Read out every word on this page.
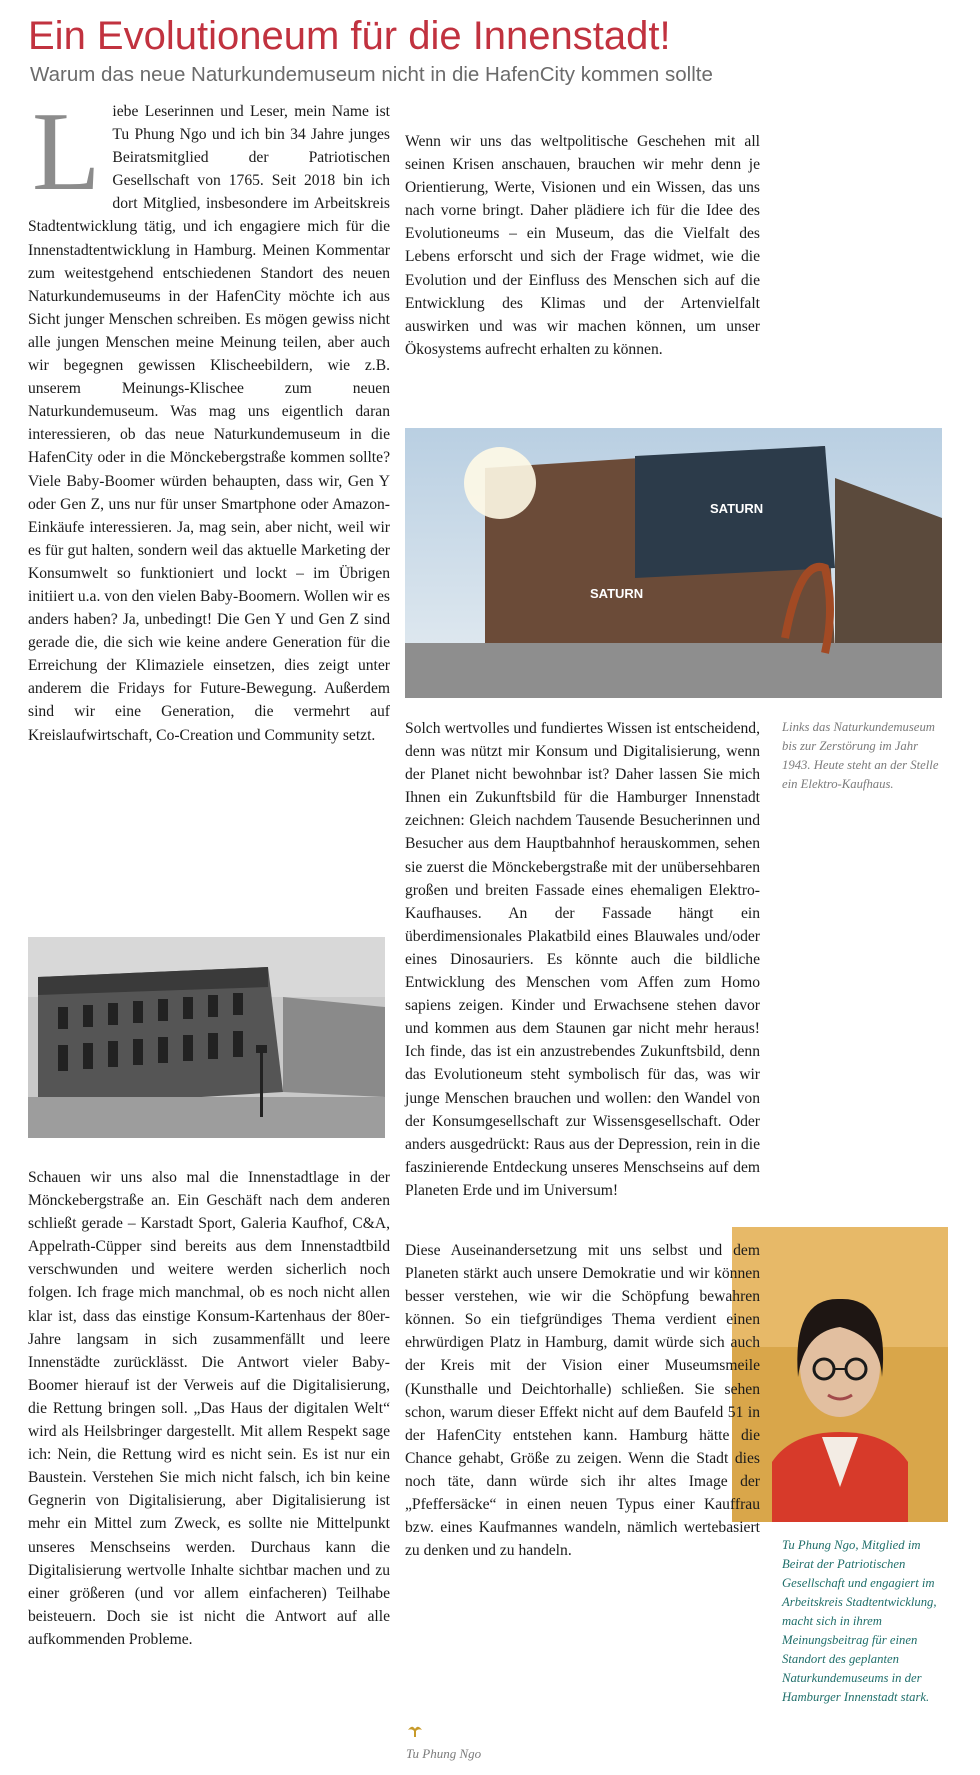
Ein Evolutioneum für die Innenstadt!
Warum das neue Naturkundemuseum nicht in die HafenCity kommen sollte
L iebe Leserinnen und Leser, mein Name ist Tu Phung Ngo und ich bin 34 Jahre junges Beiratsmitglied der Patriotischen Gesellschaft von 1765. Seit 2018 bin ich dort Mitglied, insbesondere im Arbeitskreis Stadtentwicklung tätig, und ich engagiere mich für die Innenstadtentwicklung in Hamburg. Meinen Kommentar zum weitestgehend entschiedenen Standort des neuen Naturkundemuseums in der HafenCity möchte ich aus Sicht junger Menschen schreiben. Es mögen gewiss nicht alle jungen Menschen meine Meinung teilen, aber auch wir begegnen gewissen Klischeebildern, wie z.B. unserem Meinungs-Klischee zum neuen Naturkundemuseum. Was mag uns eigentlich daran interessieren, ob das neue Naturkundemuseum in die HafenCity oder in die Mönckebergstraße kommen sollte? Viele Baby-Boomer würden behaupten, dass wir, Gen Y oder Gen Z, uns nur für unser Smartphone oder Amazon-Einkäufe interessieren. Ja, mag sein, aber nicht, weil wir es für gut halten, sondern weil das aktuelle Marketing der Konsumwelt so funktioniert und lockt – im Übrigen initiiert u.a. von den vielen Baby-Boomern. Wollen wir es anders haben? Ja, unbedingt! Die Gen Y und Gen Z sind gerade die, die sich wie keine andere Generation für die Erreichung der Klimaziele einsetzen, dies zeigt unter anderem die Fridays for Future-Bewegung. Außerdem sind wir eine Generation, die vermehrt auf Kreislaufwirtschaft, Co-Creation und Community setzt.

Schauen wir uns also mal die Innenstadtlage in der Mönckebergstraße an. Ein Geschäft nach dem anderen schließt gerade – Karstadt Sport, Galeria Kaufhof, C&A, Appelrath-Cüpper sind bereits aus dem Innenstadtbild verschwunden und weitere werden sicherlich noch folgen. Ich frage mich manchmal, ob es noch nicht allen klar ist, dass das einstige Konsum-Kartenhaus der 80er-Jahre langsam in sich zusammenfällt und leere Innenstädte zurücklässt. Die Antwort vieler Baby-Boomer hierauf ist der Verweis auf die Digitalisierung, die Rettung bringen soll. „Das Haus der digitalen Welt“ wird als Heilsbringer dargestellt. Mit allem Respekt sage ich: Nein, die Rettung wird es nicht sein. Es ist nur ein Baustein. Verstehen Sie mich nicht falsch, ich bin keine Gegnerin von Digitalisierung, aber Digitalisierung ist mehr ein Mittel zum Zweck, es sollte nie Mittelpunkt unseres Menschseins werden. Durchaus kann die Digitalisierung wertvolle Inhalte sichtbar machen und zu einer größeren (und vor allem einfacheren) Teilhabe beisteuern. Doch sie ist nicht die Antwort auf alle aufkommenden Probleme.

Wenn wir uns das weltpolitische Geschehen mit all seinen Krisen anschauen, brauchen wir mehr denn je Orientierung, Werte, Visionen und ein Wissen, das uns nach vorne bringt. Daher plädiere ich für die Idee des Evolutioneums – ein Museum, das die Vielfalt des Lebens erforscht und sich der Frage widmet, wie die Evolution und der Einfluss des Menschen sich auf die Entwicklung des Klimas und der Artenvielfalt auswirken und was wir machen können, um unser Ökosystems aufrecht erhalten zu können.

SATURN
SATURN
Links das Naturkundemuseum bis zur Zerstörung im Jahr 1943. Heute steht an der Stelle ein Elektro-Kaufhaus.

Solch wertvolles und fundiertes Wissen ist entscheidend, denn was nützt mir Konsum und Digitalisierung, wenn der Planet nicht bewohnbar ist? Daher lassen Sie mich Ihnen ein Zukunftsbild für die Hamburger Innenstadt zeichnen: Gleich nachdem Tausende Besucherinnen und Besucher aus dem Hauptbahnhof herauskommen, sehen sie zuerst die Mönckebergstraße mit der unübersehbaren großen und breiten Fassade eines ehemaligen Elektro-Kaufhauses. An der Fassade hängt ein überdimensionales Plakatbild eines Blauwales und/oder eines Dinosauriers. Es könnte auch die bildliche Entwicklung des Menschen vom Affen zum Homo sapiens zeigen. Kinder und Erwachsene stehen davor und kommen aus dem Staunen gar nicht mehr heraus! Ich finde, das ist ein anzustrebendes Zukunftsbild, denn das Evolutioneum steht symbolisch für das, was wir junge Menschen brauchen und wollen: den Wandel von der Konsumgesellschaft zur Wissensgesellschaft. Oder anders ausgedrückt: Raus aus der Depression, rein in die faszinierende Entdeckung unseres Menschseins auf dem Planeten Erde und im Universum!

Diese Auseinandersetzung mit uns selbst und dem Planeten stärkt auch unsere Demokratie und wir können besser verstehen, wie wir die Schöpfung bewahren können. So ein tiefgründiges Thema verdient einen ehrwürdigen Platz in Hamburg, damit würde sich auch der Kreis mit der Vision einer Museumsmeile (Kunsthalle und Deichtorhalle) schließen. Sie sehen schon, warum dieser Effekt nicht auf dem Baufeld 51 in der HafenCity entstehen kann. Hamburg hätte die Chance gehabt, Größe zu zeigen. Wenn die Stadt dies noch täte, dann würde sich ihr altes Image der „Pfeffersäcke“ in einen neuen Typus einer Kauffrau bzw. eines Kaufmannes wandeln, nämlich wertebasiert zu denken und zu handeln.	Tu Phung Ngo, Mitglied im Beirat der Patriotischen Gesellschaft und engagiert im Arbeitskreis Stadtentwicklung, macht sich in ihrem Meinungsbeitrag für einen Standort des geplanten Naturkundemuseums in der Hamburger Innenstadt stark.
Tu Phung Ngo
